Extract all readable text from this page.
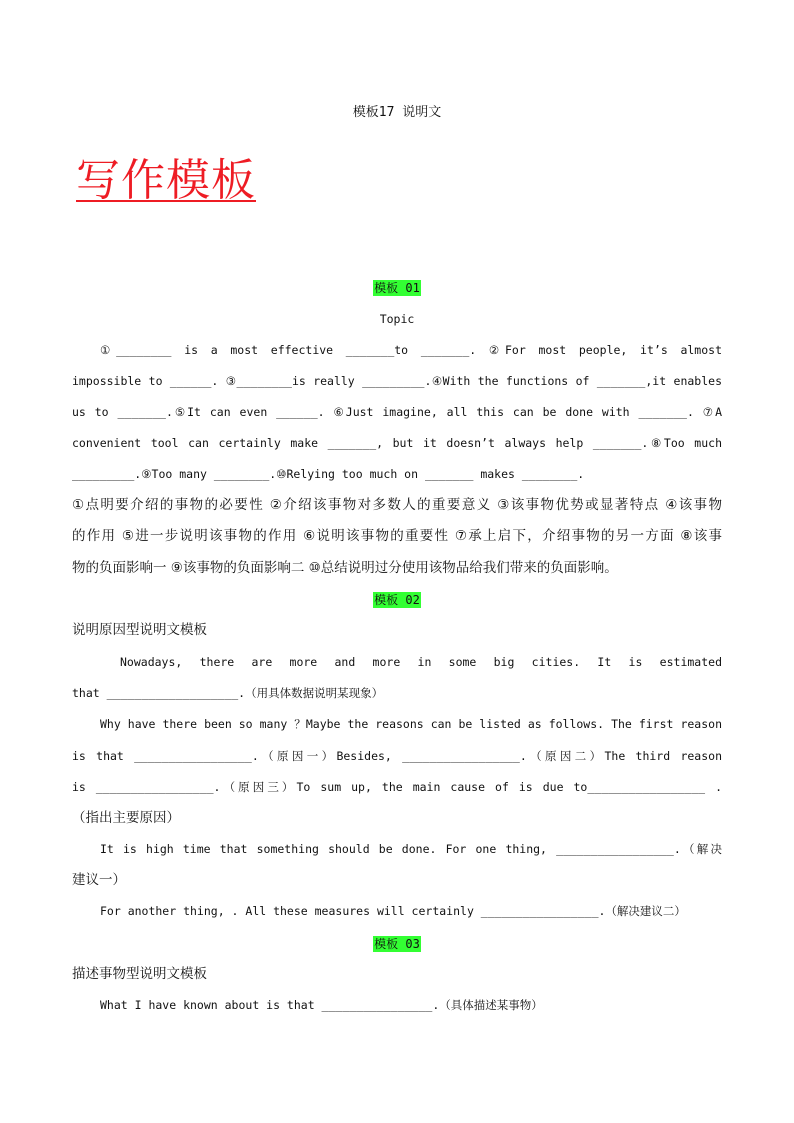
模板17 说明文
写作模板
模板 01
Topic
①________ is a most effective _______to _______. ②For most people, it’s almost
impossible to ______. ③________is really _________.④With the functions of _______,it enables
us to _______.⑤It can even ______. ⑥Just imagine, all this can be done with _______. ⑦A
convenient tool can certainly make _______, but it doesn’t always help _______.⑧Too much
_________.⑨Too many ________.⑩Relying too much on _______ makes ________.
①点明要介绍的事物的必要性 ②介绍该事物对多数人的重要意义 ③该事物优势或显著特点 ④该事物
的作用 ⑤进一步说明该事物的作用 ⑥说明该事物的重要性 ⑦承上启下，介绍事物的另一方面 ⑧该事
物的负面影响一 ⑨该事物的负面影响二 ⑩总结说明过分使用该物品给我们带来的负面影响。
模板 02
说明原因型说明文模板
Nowadays, there are more and more in some big cities. It is estimated
that ___________________.（用具体数据说明某现象）
Why have there been so many ？Maybe the reasons can be listed as follows. The first reason
is that _________________.（原因一）Besides, _________________.（原因二）The third reason
is _________________.（原因三）To sum up, the main cause of is due to_________________ .
（指出主要原因）
It is high time that something should be done. For one thing, _________________.（解决
建议一）
For another thing, . All these measures will certainly _________________.（解决建议二）
模板 03
描述事物型说明文模板
What I have known about is that ________________.（具体描述某事物）
